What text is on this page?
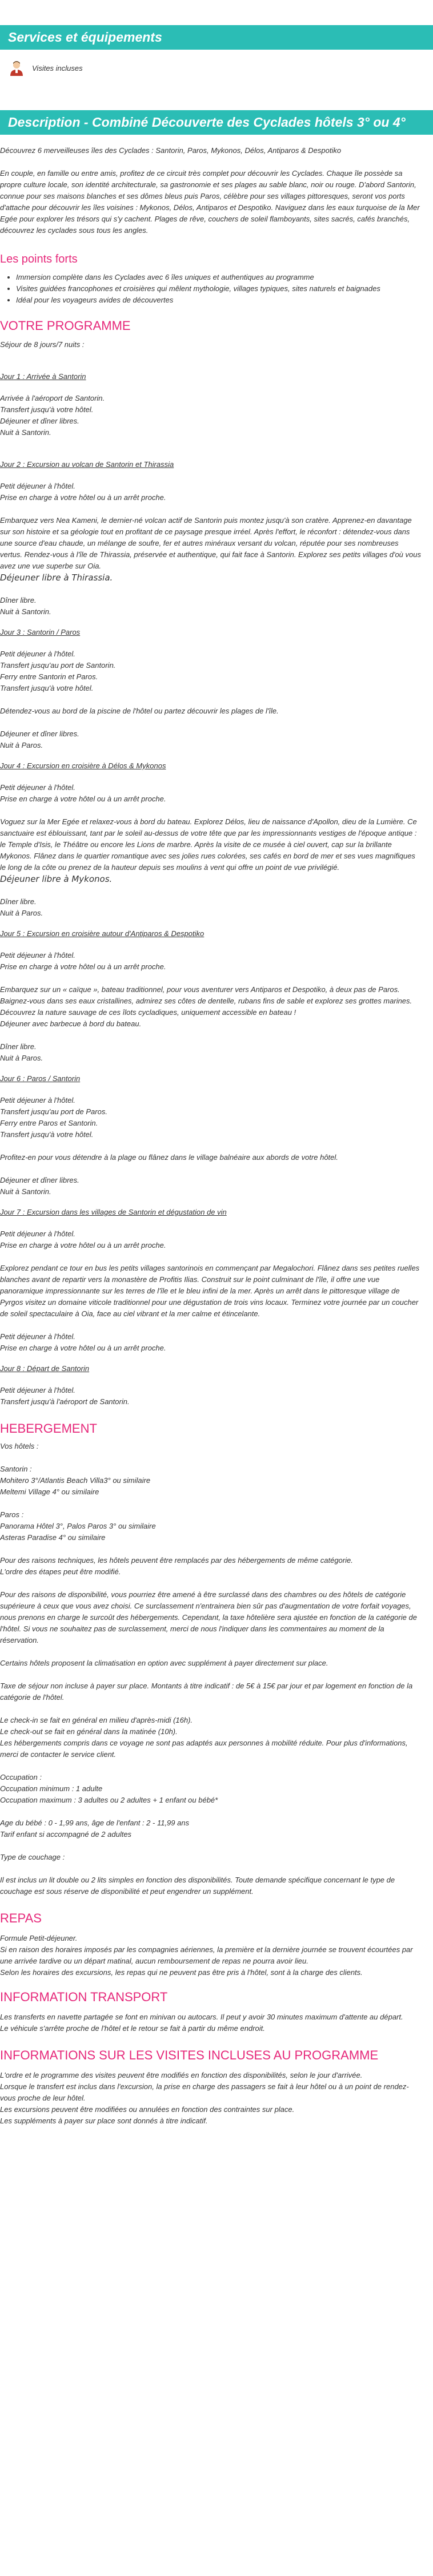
Services et équipements
Visites incluses
Description - Combiné Découverte des Cyclades hôtels 3° ou 4°

Découvrez 6 merveilleuses îles des Cyclades : Santorin, Paros, Mykonos, Délos, Antiparos & Despotiko

En couple, en famille ou entre amis, profitez de ce circuit très complet pour découvrir les Cyclades. Chaque île possède sa propre culture locale, son identité architecturale, sa gastronomie et ses plages au sable blanc, noir ou rouge. D'abord Santorin, connue pour ses maisons blanches et ses dômes bleus puis Paros, célèbre pour ses villages pittoresques, seront vos ports d'attache pour découvrir les îles voisines : Mykonos, Délos, Antiparos et Despotiko. Naviguez dans les eaux turquoise de la Mer Egée pour explorer les trésors qui s'y cachent. Plages de rêve, couchers de soleil flamboyants, sites sacrés, cafés branchés, découvrez les cyclades sous tous les angles.

Les points forts
• Immersion complète dans les Cyclades avec 6 îles uniques et authentiques au programme
• Visites guidées francophones et croisières qui mêlent mythologie, villages typiques, sites naturels et baignades
• Idéal pour les voyageurs avides de découvertes
VOTRE PROGRAMME

Séjour de 8 jours/7 nuits :

Jour 1 : Arrivée à Santorin

Arrivée à l'aéroport de Santorin.

Transfert jusqu'à votre hôtel.

Déjeuner et dîner libres.

Nuit à Santorin.

Jour 2 : Excursion au volcan de Santorin et Thirassia

Petit déjeuner à l'hôtel.

Prise en charge à votre hôtel ou à un arrêt proche.

Embarquez vers Nea Kameni, le dernier-né volcan actif de Santorin puis montez jusqu'à son cratère. Apprenez-en davantage sur son histoire et sa géologie tout en profitant de ce paysage presque irréel. Après l'effort, le réconfort : détendez-vous dans une source d'eau chaude, un mélange de soufre, fer et autres minéraux versant du volcan, réputée pour ses nombreuses vertus. Rendez-vous à l'île de Thirassia, préservée et authentique, qui fait face à Santorin. Explorez ses petits villages d'où vous avez une vue superbe sur Oia.

Déjeuner libre à Thirassia.

Dîner libre.

Nuit à Santorin.

Jour 3 : Santorin / Paros

Petit déjeuner à l'hôtel.

Transfert jusqu'au port de Santorin.

Ferry entre Santorin et Paros.

Transfert jusqu'à votre hôtel.

Détendez-vous au bord de la piscine de l'hôtel ou partez découvrir les plages de l'île.

Déjeuner et dîner libres.

Nuit à Paros.

Jour 4 : Excursion en croisière à Délos & Mykonos

Petit déjeuner à l'hôtel.

Prise en charge à votre hôtel ou à un arrêt proche.

Voguez sur la Mer Egée et relaxez-vous à bord du bateau. Explorez Délos, lieu de naissance d'Apollon, dieu de la Lumière. Ce sanctuaire est éblouissant, tant par le soleil au-dessus de votre tête que par les impressionnants vestiges de l'époque antique : le Temple d'Isis, le Théâtre ou encore les Lions de marbre. Après la visite de ce musée à ciel ouvert, cap sur la brillante Mykonos. Flânez dans le quartier romantique avec ses jolies rues colorées, ses cafés en bord de mer et ses vues magnifiques le long de la côte ou prenez de la hauteur depuis ses moulins à vent qui offre un point de vue privilégié.

Déjeuner libre à Mykonos.

Dîner libre.

Nuit à Paros.

Jour 5 : Excursion en croisière autour d'Antiparos & Despotiko

Petit déjeuner à l'hôtel.

Prise en charge à votre hôtel ou à un arrêt proche.

Embarquez sur un « caïque », bateau traditionnel, pour vous aventurer vers Antiparos et Despotiko, à deux pas de Paros. Baignez-vous dans ses eaux cristallines, admirez ses côtes de dentelle, rubans fins de sable et explorez ses grottes marines. Découvrez la nature sauvage de ces îlots cycladiques, uniquement accessible en bateau !

Déjeuner avec barbecue à bord du bateau.

Dîner libre.

Nuit à Paros.

Jour 6 : Paros / Santorin

Petit déjeuner à l'hôtel.

Transfert jusqu'au port de Paros.

Ferry entre Paros et Santorin.

Transfert jusqu'à votre hôtel.

Profitez-en pour vous détendre à la plage ou flânez dans le village balnéaire aux abords de votre hôtel.

Déjeuner et dîner libres.

Nuit à Santorin.

Jour 7 : Excursion dans les villages de Santorin et dégustation de vin

Petit déjeuner à l'hôtel.

Prise en charge à votre hôtel ou à un arrêt proche.

Explorez pendant ce tour en bus les petits villages santorinois en commençant par Megalochori. Flânez dans ses petites ruelles blanches avant de repartir vers la monastère de Profitis Ilias. Construit sur le point culminant de l'île, il offre une vue panoramique impressionnante sur les terres de l'île et le bleu infini de la mer. Après un arrêt dans le pittoresque village de Pyrgos visitez un domaine viticole traditionnel pour une dégustation de trois vins locaux. Terminez votre journée par un coucher de soleil spectaculaire à Oia, face au ciel vibrant et la mer calme et étincelante.

Petit déjeuner à l'hôtel.

Prise en charge à votre hôtel ou à un arrêt proche.

Jour 8 : Départ de Santorin

Petit déjeuner à l'hôtel.

Transfert jusqu'à l'aéroport de Santorin.

HEBERGEMENT

Vos hôtels :

Santorin :

Mohitero 3°/Atlantis Beach Villa3° ou similaire

Meltemi Village 4° ou similaire

Paros :

Panorama Hôtel 3°, Palos Paros 3° ou similaire

Asteras Paradise 4° ou similaire

Pour des raisons techniques, les hôtels peuvent être remplacés par des hébergements de même catégorie.

L'ordre des étapes peut être modifié.

Pour des raisons de disponibilité, vous pourriez être amené à être surclassé dans des chambres ou des hôtels de catégorie supérieure à ceux que vous avez choisi. Ce surclassement n'entrainera bien sûr pas d'augmentation de votre forfait voyages, nous prenons en charge le surcoût des hébergements. Cependant, la taxe hôtelière sera ajustée en fonction de la catégorie de l'hôtel. Si vous ne souhaitez pas de surclassement, merci de nous l'indiquer dans les commentaires au moment de la réservation.

Certains hôtels proposent la climatisation en option avec supplément à payer directement sur place.

Taxe de séjour non incluse à payer sur place. Montants à titre indicatif : de 5€ à 15€ par jour et par logement en fonction de la catégorie de l'hôtel.

Le check-in se fait en général en milieu d'après-midi (16h).

Le check-out se fait en général dans la matinée (10h).

Les hébergements compris dans ce voyage ne sont pas adaptés aux personnes à mobilité réduite. Pour plus d'informations, merci de contacter le service client.

Occupation :

Occupation minimum : 1 adulte

Occupation maximum : 3 adultes ou 2 adultes + 1 enfant ou bébé*

Age du bébé : 0 - 1,99 ans, âge de l'enfant : 2 - 11,99 ans

Tarif enfant si accompagné de 2 adultes

Type de couchage :

Il est inclus un lit double ou 2 lits simples en fonction des disponibilités. Toute demande spécifique concernant le type de couchage est sous réserve de disponibilité et peut engendrer un supplément.

REPAS

Formule Petit-déjeuner.

Si en raison des horaires imposés par les compagnies aériennes, la première et la dernière journée se trouvent écourtées par une arrivée tardive ou un départ matinal, aucun remboursement de repas ne pourra avoir lieu.

Selon les horaires des excursions, les repas qui ne peuvent pas être pris à l'hôtel, sont à la charge des clients.

INFORMATION TRANSPORT

Les transferts en navette partagée se font en minivan ou autocars. Il peut y avoir 30 minutes maximum d'attente au départ.

Le véhicule s'arrête proche de l'hôtel et le retour se fait à partir du même endroit.

INFORMATIONS SUR LES VISITES INCLUSES AU PROGRAMME

L'ordre et le programme des visites peuvent être modifiés en fonction des disponibilités, selon le jour d'arrivée.

Lorsque le transfert est inclus dans l'excursion, la prise en charge des passagers se fait à leur hôtel ou à un point de rendez-vous proche de leur hôtel.

Les excursions peuvent être modifiées ou annulées en fonction des contraintes sur place.

Les suppléments à payer sur place sont donnés à titre indicatif.
